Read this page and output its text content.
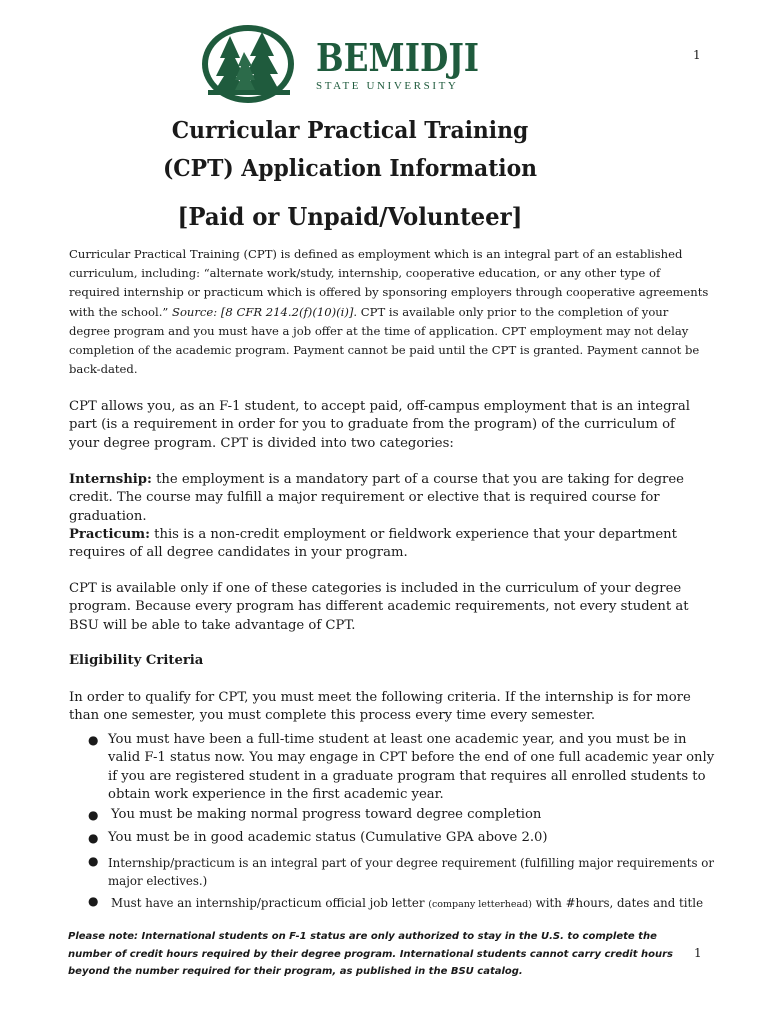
1
BEMIDJI
STATE UNIVERSITY
Curricular Practical Training
(CPT) Application Information
[Paid or Unpaid/Volunteer]

Curricular Practical Training (CPT) is defined as employment which is an integral part of an established curriculum, including: “alternate work/study, internship, cooperative education, or any other type of required internship or practicum which is offered by sponsoring employers through cooperative agreements with the school.” Source: [8 CFR 214.2(f)(10)(i)]. CPT is available only prior to the completion of your degree program and you must have a job offer at the time of application. CPT employment may not delay completion of the academic program. Payment cannot be paid until the CPT is granted. Payment cannot be back-dated.

CPT allows you, as an F-1 student, to accept paid, off-campus employment that is an integral part (is a requirement in order for you to graduate from the program) of the curriculum of your degree program. CPT is divided into two categories:

Internship: the employment is a mandatory part of a course that you are taking for degree credit. The course may fulfill a major requirement or elective that is required course for graduation.

Practicum: this is a non-credit employment or fieldwork experience that your department requires of all degree candidates in your program.

CPT is available only if one of these categories is included in the curriculum of your degree program. Because every program has different academic requirements, not every student at BSU will be able to take advantage of CPT.

Eligibility Criteria

In order to qualify for CPT, you must meet the following criteria. If the internship is for more than one semester, you must complete this process every time every semester.

● You must have been a full-time student at least one academic year, and you must be in valid F-1 status now. You may engage in CPT before the end of one full academic year only if you are registered student in a graduate program that requires all enrolled students to obtain work experience in the first academic year.
● You must be making normal progress toward degree completion
● You must be in good academic status (Cumulative GPA above 2.0)
● Internship/practicum is an integral part of your degree requirement (fulfilling major requirements or major electives.)
● Must have an internship/practicum official job letter (company letterhead) with #hours, dates and title

Please note: International students on F-1 status are only authorized to stay in the U.S. to complete the number of credit hours required by their degree program. International students cannot carry credit hours beyond the number required for their program, as published in the BSU catalog.

1
